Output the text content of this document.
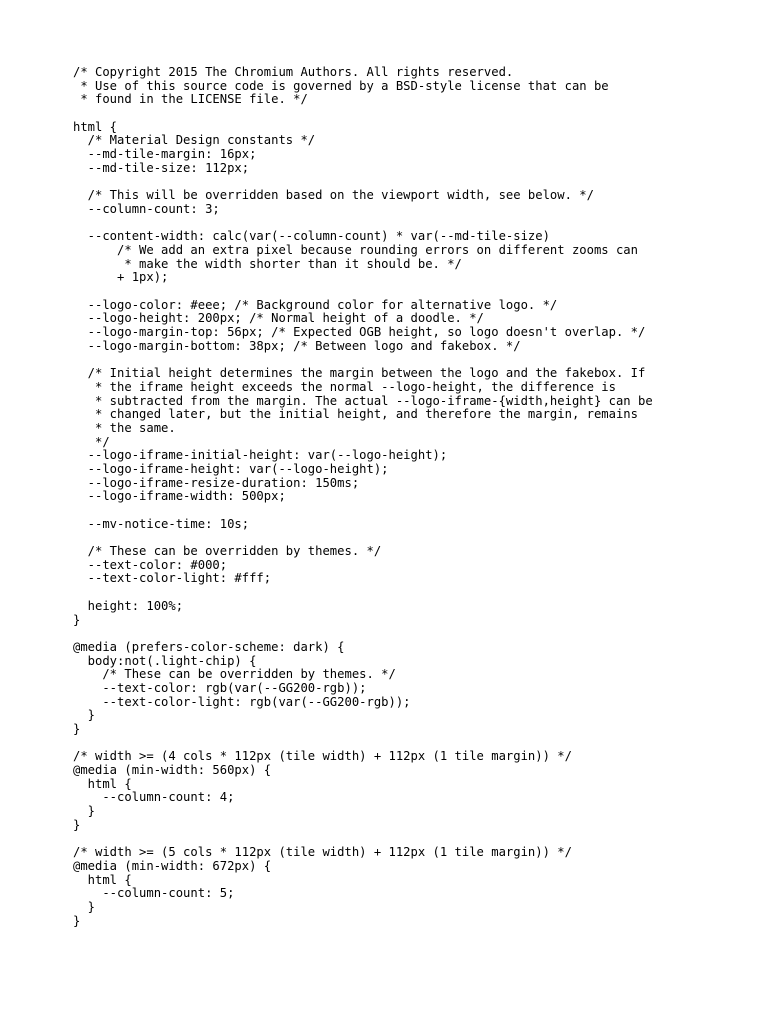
/* Copyright 2015 The Chromium Authors. All rights reserved.
* Use of this source code is governed by a BSD-style license that can be
* found in the LICENSE file. */
html {
/* Material Design constants */
--md-tile-margin: 16px;
--md-tile-size: 112px;
/* This will be overridden based on the viewport width, see below. */
--column-count: 3;
--content-width: calc(var(--column-count) * var(--md-tile-size)
/* We add an extra pixel because rounding errors on different zooms can
* make the width shorter than it should be. */
+ 1px);
--logo-color: #eee; /* Background color for alternative logo. */
--logo-height: 200px; /* Normal height of a doodle. */
--logo-margin-top: 56px; /* Expected OGB height, so logo doesn't overlap. */
--logo-margin-bottom: 38px; /* Between logo and fakebox. */
/* Initial height determines the margin between the logo and the fakebox. If
* the iframe height exceeds the normal --logo-height, the difference is
* subtracted from the margin. The actual --logo-iframe-{width,height} can be
* changed later, but the initial height, and therefore the margin, remains
* the same.
*/
--logo-iframe-initial-height: var(--logo-height);
--logo-iframe-height: var(--logo-height);
--logo-iframe-resize-duration: 150ms;
--logo-iframe-width: 500px;
--mv-notice-time: 10s;
/* These can be overridden by themes. */
--text-color: #000;
--text-color-light: #fff;
height: 100%;
}
@media (prefers-color-scheme: dark) {
body:not(.light-chip) {
/* These can be overridden by themes. */
--text-color: rgb(var(--GG200-rgb));
--text-color-light: rgb(var(--GG200-rgb));
}
}
/* width >= (4 cols * 112px (tile width) + 112px (1 tile margin)) */
@media (min-width: 560px) {
html {
--column-count: 4;
}
}
/* width >= (5 cols * 112px (tile width) + 112px (1 tile margin)) */
@media (min-width: 672px) {
html {
--column-count: 5;
}
}
